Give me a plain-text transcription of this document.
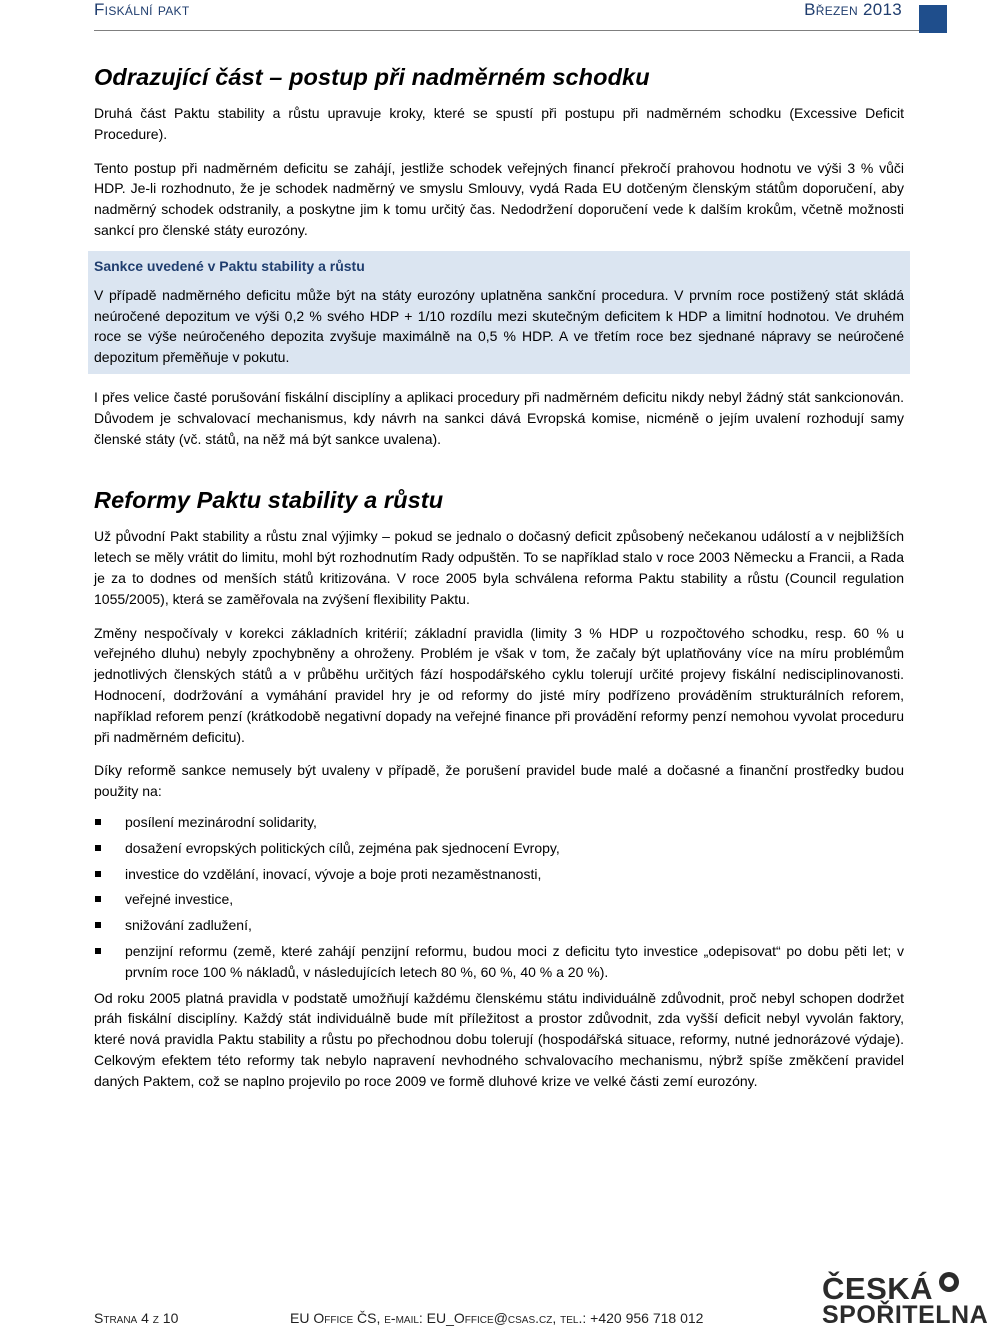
Fiskální pakt	Březen 2013
Odrazující část – postup při nadměrném schodku

Druhá část Paktu stability a růstu upravuje kroky, které se spustí při postupu při nadměrném schodku (Excessive Deficit Procedure).

Tento postup při nadměrném deficitu se zahájí, jestliže schodek veřejných financí překročí prahovou hodnotu ve výši 3 % vůči HDP. Je-li rozhodnuto, že je schodek nadměrný ve smyslu Smlouvy, vydá Rada EU dotčeným členským státům doporučení, aby nadměrný schodek odstranily, a poskytne jim k tomu určitý čas. Nedodržení doporučení vede k dalším krokům, včetně možnosti sankcí pro členské státy eurozóny.

Sankce uvedené v Paktu stability a růstu

V případě nadměrného deficitu může být na státy eurozóny uplatněna sankční procedura. V prvním roce postižený stát skládá neúročené depozitum ve výši 0,2 % svého HDP + 1/10 rozdílu mezi skutečným deficitem k HDP a limitní hodnotou. Ve druhém roce se výše neúročeného depozita zvyšuje maximálně na 0,5 % HDP. A ve třetím roce bez sjednané nápravy se neúročené depozitum přeměňuje v pokutu.

I přes velice časté porušování fiskální disciplíny a aplikaci procedury při nadměrném deficitu nikdy nebyl žádný stát sankcionován. Důvodem je schvalovací mechanismus, kdy návrh na sankci dává Evropská komise, nicméně o jejím uvalení rozhodují samy členské státy (vč. států, na něž má být sankce uvalena).

Reformy Paktu stability a růstu

Už původní Pakt stability a růstu znal výjimky – pokud se jednalo o dočasný deficit způsobený nečekanou událostí a v nejbližších letech se měly vrátit do limitu, mohl být rozhodnutím Rady odpuštěn. To se například stalo v roce 2003 Německu a Francii, a Rada je za to dodnes od menších států kritizována. V roce 2005 byla schválena reforma Paktu stability a růstu (Council regulation 1055/2005), která se zaměřovala na zvýšení flexibility Paktu.

Změny nespočívaly v korekci základních kritérií; základní pravidla (limity 3 % HDP u rozpočtového schodku, resp. 60 % u veřejného dluhu) nebyly zpochybněny a ohroženy. Problém je však v tom, že začaly být uplatňovány více na míru problémům jednotlivých členských států a v průběhu určitých fází hospodářského cyklu tolerují určité projevy fiskální nedisciplinovanosti. Hodnocení, dodržování a vymáhání pravidel hry je od reformy do jisté míry podřízeno prováděním strukturálních reforem, například reforem penzí (krátkodobě negativní dopady na veřejné finance při provádění reformy penzí nemohou vyvolat proceduru při nadměrném deficitu).

Díky reformě sankce nemusely být uvaleny v případě, že porušení pravidel bude malé a dočasné a finanční prostředky budou použity na:

posílení mezinárodní solidarity,
dosažení evropských politických cílů, zejména pak sjednocení Evropy,
investice do vzdělání, inovací, vývoje a boje proti nezaměstnanosti,
veřejné investice,
snižování zadlužení,
penzijní reformu (země, které zahájí penzijní reformu, budou moci z deficitu tyto investice „odepisovat“ po dobu pěti let; v prvním roce 100 % nákladů, v následujících letech 80 %, 60 %, 40 % a 20 %).

Od roku 2005 platná pravidla v podstatě umožňují každému členskému státu individuálně zdůvodnit, proč nebyl schopen dodržet práh fiskální disciplíny. Každý stát individuálně bude mít příležitost a prostor zdůvodnit, zda vyšší deficit nebyl vyvolán faktory, které nová pravidla Paktu stability a růstu po přechodnou dobu tolerují (hospodářská situace, reformy, nutné jednorázové výdaje). Celkovým efektem této reformy tak nebylo napravení nevhodného schvalovacího mechanismu, nýbrž spíše změkčení pravidel daných Paktem, což se naplno projevilo po roce 2009 ve formě dluhové krize ve velké části zemí eurozóny.

Strana 4 z 10	EU Office ČS, e-mail: EU_Office@csas.cz, tel.: +420 956 718 012
ČESKÁ
SPOŘITELNA
